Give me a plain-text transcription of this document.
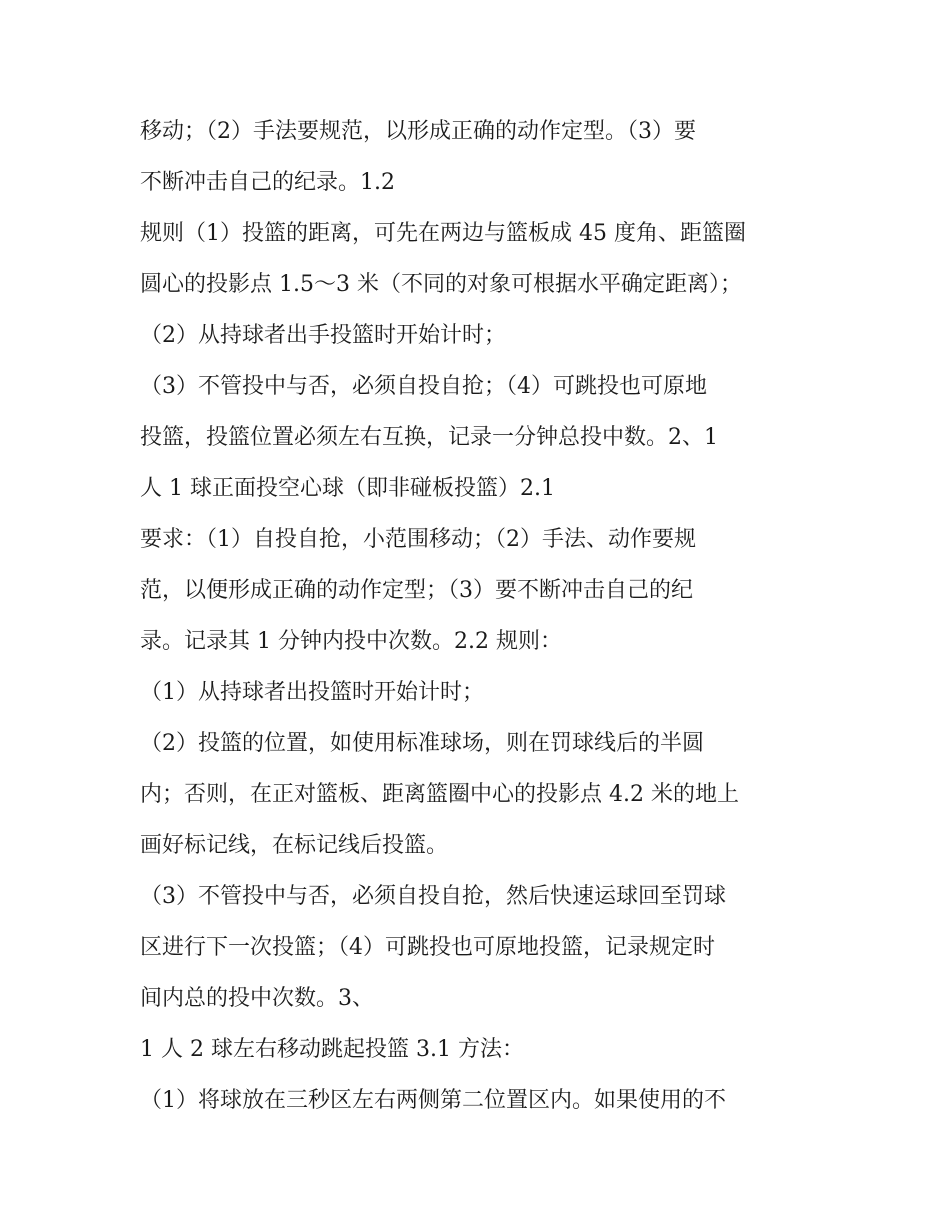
移动；（2）手法要规范，以形成正确的动作定型。（3）要
不断冲击自己的纪录。1.2
规则（1）投篮的距离，可先在两边与篮板成 45 度角、距篮圈
圆心的投影点 1.5～3 米（不同的对象可根据水平确定距离）；
（2）从持球者出手投篮时开始计时；
（3）不管投中与否，必须自投自抢；（4）可跳投也可原地
投篮，投篮位置必须左右互换，记录一分钟总投中数。2、1
人 1 球正面投空心球（即非碰板投篮）2.1
要求：（1）自投自抢，小范围移动；（2）手法、动作要规
范，以便形成正确的动作定型；（3）要不断冲击自己的纪
录。记录其 1 分钟内投中次数。2.2 规则：
（1）从持球者出投篮时开始计时；
（2）投篮的位置，如使用标准球场，则在罚球线后的半圆
内；否则，在正对篮板、距离篮圈中心的投影点 4.2 米的地上
画好标记线，在标记线后投篮。
（3）不管投中与否，必须自投自抢，然后快速运球回至罚球
区进行下一次投篮；（4）可跳投也可原地投篮，记录规定时
间内总的投中次数。3、
1 人 2 球左右移动跳起投篮 3.1 方法：
（1）将球放在三秒区左右两侧第二位置区内。如果使用的不
